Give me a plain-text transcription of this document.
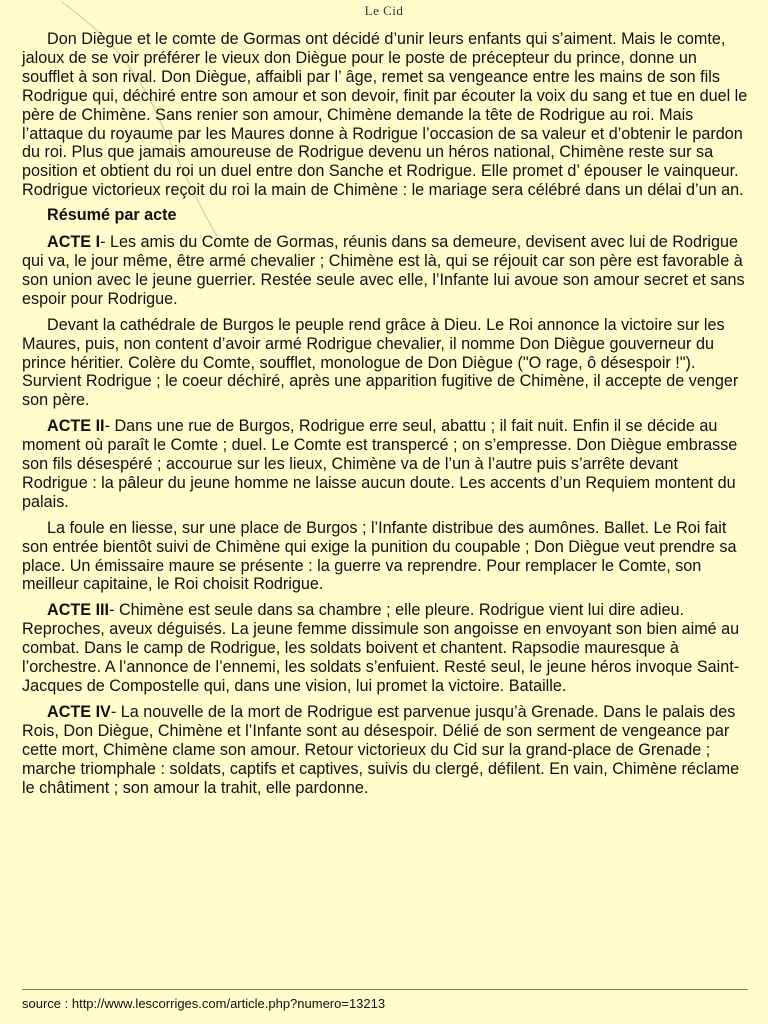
Le Cid

Don Diègue et le comte de Gormas ont décidé d’unir leurs enfants qui s’aiment. Mais le comte, jaloux de se voir préférer le vieux don Diègue pour le poste de précepteur du prince, donne un soufflet à son rival. Don Diègue, affaibli par l’ âge, remet sa vengeance entre les mains de son fils Rodrigue qui, déchiré entre son amour et son devoir, finit par écouter la voix du sang et tue en duel le père de Chimène. Sans renier son amour, Chimène demande la tête de Rodrigue au roi. Mais l’attaque du royaume par les Maures donne à Rodrigue l’occasion de sa valeur et d’obtenir le pardon du roi. Plus que jamais amoureuse de Rodrigue devenu un héros national, Chimène reste sur sa position et obtient du roi un duel entre don Sanche et Rodrigue. Elle promet d’ épouser le vainqueur. Rodrigue victorieux reçoit du roi la main de Chimène : le mariage sera célébré dans un délai d’un an.

Résumé par acte

ACTE I- Les amis du Comte de Gormas, réunis dans sa demeure, devisent avec lui de Rodrigue qui va, le jour même, être armé chevalier ; Chimène est là, qui se réjouit car son père est favorable à son union avec le jeune guerrier. Restée seule avec elle, l’Infante lui avoue son amour secret et sans espoir pour Rodrigue.

Devant la cathédrale de Burgos le peuple rend grâce à Dieu. Le Roi annonce la victoire sur les Maures, puis, non content d’avoir armé Rodrigue chevalier, il nomme Don Diègue gouverneur du prince héritier. Colère du Comte, soufflet, monologue de Don Diègue ("O rage, ô désespoir !"). Survient Rodrigue ; le coeur déchiré, après une apparition fugitive de Chimène, il accepte de venger son père.

ACTE II- Dans une rue de Burgos, Rodrigue erre seul, abattu ; il fait nuit. Enfin il se décide au moment où paraît le Comte ; duel. Le Comte est transpercé ; on s’empresse. Don Diègue embrasse son fils désespéré ; accourue sur les lieux, Chimène va de l’un à l’autre puis s’arrête devant Rodrigue : la pâleur du jeune homme ne laisse aucun doute. Les accents d’un Requiem montent du palais.

La foule en liesse, sur une place de Burgos ; l’Infante distribue des aumônes. Ballet. Le Roi fait son entrée bientôt suivi de Chimène qui exige la punition du coupable ; Don Diègue veut prendre sa place. Un émissaire maure se présente : la guerre va reprendre. Pour remplacer le Comte, son meilleur capitaine, le Roi choisit Rodrigue.

ACTE III- Chimène est seule dans sa chambre ; elle pleure. Rodrigue vient lui dire adieu. Reproches, aveux déguisés. La jeune femme dissimule son angoisse en envoyant son bien aimé au combat. Dans le camp de Rodrigue, les soldats boivent et chantent. Rapsodie mauresque à l’orchestre. A l’annonce de l’ennemi, les soldats s’enfuient. Resté seul, le jeune héros invoque Saint-Jacques de Compostelle qui, dans une vision, lui promet la victoire. Bataille.

ACTE IV- La nouvelle de la mort de Rodrigue est parvenue jusqu’à Grenade. Dans le palais des Rois, Don Diègue, Chimène et l’Infante sont au désespoir. Délié de son serment de vengeance par cette mort, Chimène clame son amour. Retour victorieux du Cid sur la grand-place de Grenade ; marche triomphale : soldats, captifs et captives, suivis du clergé, défilent. En vain, Chimène réclame le châtiment ; son amour la trahit, elle pardonne.

source : http://www.lescorriges.com/article.php?numero=13213
